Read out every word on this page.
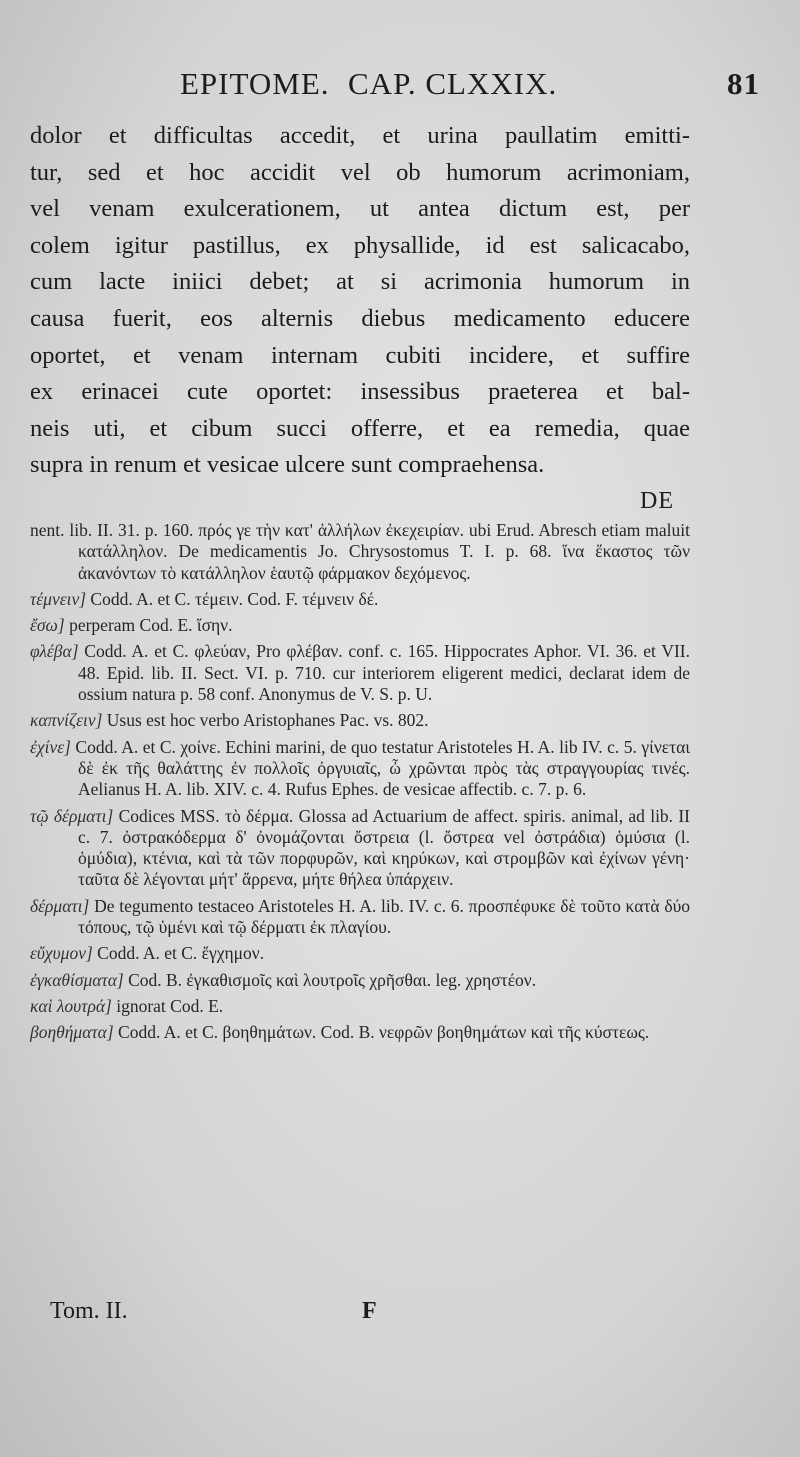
EPITOME. CAP. CLXXIX.	81
dolor et difficultas accedit, et urina paullatim emitti-
tur, sed et hoc accidit vel ob humorum acrimoniam,
vel venam exulcerationem, ut antea dictum est, per
colem igitur pastillus, ex physallide, id est salicacabo,
cum lacte iniici debet; at si acrimonia humorum in
causa fuerit, eos alternis diebus medicamento educere
oportet, et venam internam cubiti incidere, et suffire
ex erinacei cute oportet: insessibus praeterea et bal-
neis uti, et cibum succi offerre, et ea remedia, quae
supra in renum et vesicae ulcere sunt compraehensa.
DE

nent. lib. II. 31. p. 160. πρός γε τὴν κατ' ἀλλήλων ἐκεχειρίαν. ubi Erud. Abresch etiam maluit κατάλληλον. De medicamentis Jo. Chrysostomus T. I. p. 68. ἵνα ἕκαστος τῶν ἀκανόντων τὸ κατάλληλον ἑαυτῷ φάρμακον δεχόμενος.

τέμνειν] Codd. A. et C. τέμειν. Cod. F. τέμνειν δέ.

ἔσω] perperam Cod. E. ἴσην.

φλέβα] Codd. A. et C. φλεύαν, Pro φλέβαν. conf. c. 165. Hippocrates Aphor. VI. 36. et VII. 48. Epid. lib. II. Sect. VI. p. 710. cur interiorem eligerent medici, declarat idem de ossium natura p. 58 conf. Anonymus de V. S. p. U.

καπνίζειν] Usus est hoc verbo Aristophanes Pac. vs. 802.

ἐχίνε] Codd. A. et C. χοίνε. Echini marini, de quo testatur Aristoteles H. A. lib IV. c. 5. γίνεται δὲ ἐκ τῆς θαλάττης ἐν πολλοῖς ὀργυιαῖς, ὦ χρῶνται πρὸς τὰς στραγγουρίας τινές. Aelianus H. A. lib. XIV. c. 4. Rufus Ephes. de vesicae affectib. c. 7. p. 6.

τῷ δέρματι] Codices MSS. τὸ δέρμα. Glossa ad Actuarium de affect. spiris. animal, ad lib. II c. 7. ὀστρακόδερμα δ' ὀνομάζονται ὄστρεια (l. ὄστρεα vel ὀστράδια) ὁμύσια (l. ὁμύδια), κτένια, καὶ τὰ τῶν πορφυρῶν, καὶ κηρύκων, καὶ στρομβῶν καὶ ἐχίνων γένη· ταῦτα δὲ λέγονται μήτ' ἄρρενα, μήτε θήλεα ὑπάρχειν.

δέρματι] De tegumento testaceo Aristoteles H. A. lib. IV. c. 6. προσπέφυκε δὲ τοῦτο κατὰ δύο τόπους, τῷ ὑμένι καὶ τῷ δέρματι ἐκ πλαγίου.

εὔχυμον] Codd. A. et C. ἔγχημον.

ἐγκαθίσματα] Cod. B. ἐγκαθισμοῖς καὶ λουτροῖς χρῆσθαι. leg. χρηστέον.

καὶ λουτρά] ignorat Cod. E.

βοηθήματα] Codd. A. et C. βοηθημάτων. Cod. B. νεφρῶν βοηθημάτων καὶ τῆς κύστεως.

Tom. II.	F
